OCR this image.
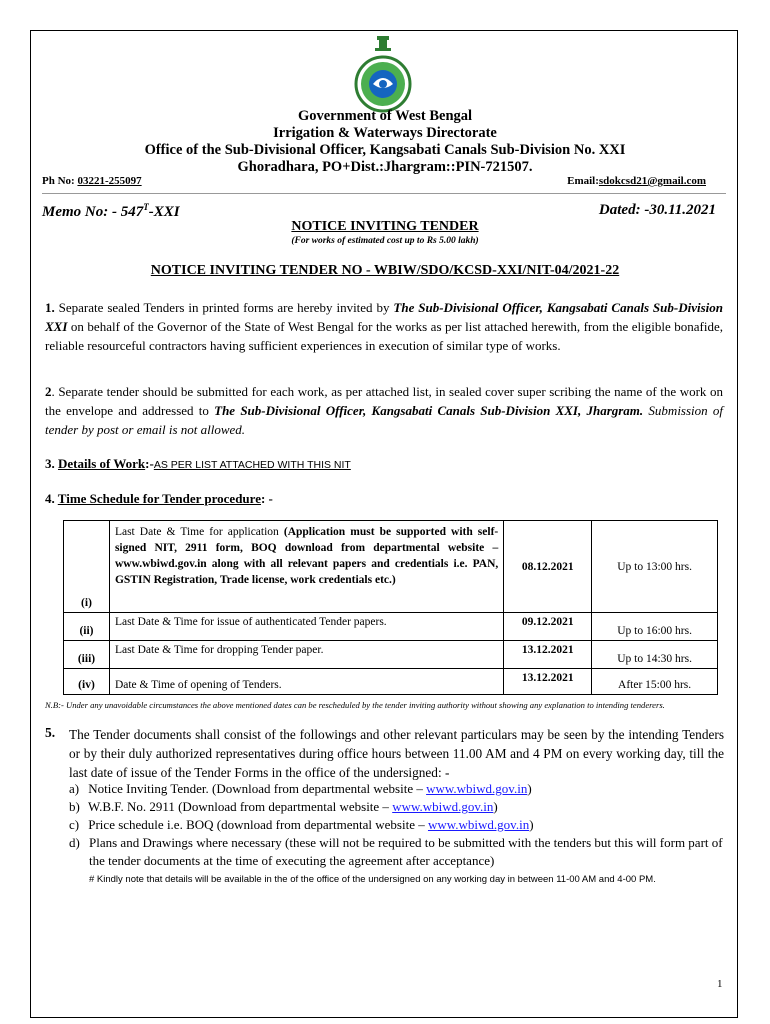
Government of West Bengal
Irrigation & Waterways Directorate
Office of the Sub-Divisional Officer, Kangsabati Canals Sub-Division No. XXI
Ghoradhara, PO+Dist.:Jhargram::PIN-721507.
Ph No: 03221-255097	Email:sdokcsd21@gmail.com
Memo No: - $547^T$-XXI	Dated: -30.11.2021
NOTICE INVITING TENDER
(For works of estimated cost up to Rs 5.00 lakh)
NOTICE INVITING TENDER NO - WBIW/SDO/KCSD-XXI/NIT-04/2021-22
1. Separate sealed Tenders in printed forms are hereby invited by The Sub-Divisional Officer, Kangsabati Canals Sub-Division XXI on behalf of the Governor of the State of West Bengal for the works as per list attached herewith, from the eligible bonafide, reliable resourceful contractors having sufficient experiences in execution of similar type of works.
2. Separate tender should be submitted for each work, as per attached list, in sealed cover super scribing the name of the work on the envelope and addressed to The Sub-Divisional Officer, Kangsabati Canals Sub-Division XXI, Jhargram. Submission of tender by post or email is not allowed.
3. Details of Work:-AS PER LIST ATTACHED WITH THIS NIT
4. Time Schedule for Tender procedure: -
(i)	Last Date & Time for application (Application must be supported with self-signed NIT, 2911 form, BOQ download from departmental website – www.wbiwd.gov.in along with all relevant papers and credentials i.e. PAN, GSTIN Registration, Trade license, work credentials etc.)	08.12.2021	Up to 13:00 hrs.
(ii)	Last Date & Time for issue of authenticated Tender papers.	09.12.2021	Up to 16:00 hrs.
(iii)	Last Date & Time for dropping Tender paper.	13.12.2021	Up to 14:30 hrs.
(iv)	Date & Time of opening of Tenders.	13.12.2021	After 15:00 hrs.
N.B:- Under any unavoidable circumstances the above mentioned dates can be rescheduled by the tender inviting authority without showing any explanation to intending tenderers.
5. The Tender documents shall consist of the followings and other relevant particulars may be seen by the intending Tenders or by their duly authorized representatives during office hours between 11.00 AM and 4 PM on every working day, till the last date of issue of the Tender Forms in the office of the undersigned: -
a) Notice Inviting Tender. (Download from departmental website – www.wbiwd.gov.in)
b) W.B.F. No. 2911 (Download from departmental website – www.wbiwd.gov.in)
c) Price schedule i.e. BOQ (download from departmental website – www.wbiwd.gov.in)
d) Plans and Drawings where necessary (these will not be required to be submitted with the tenders but this will form part of the tender documents at the time of executing the agreement after acceptance)
# Kindly note that details will be available in the of the office of the undersigned on any working day in between 11-00 AM and 4-00 PM.
1
